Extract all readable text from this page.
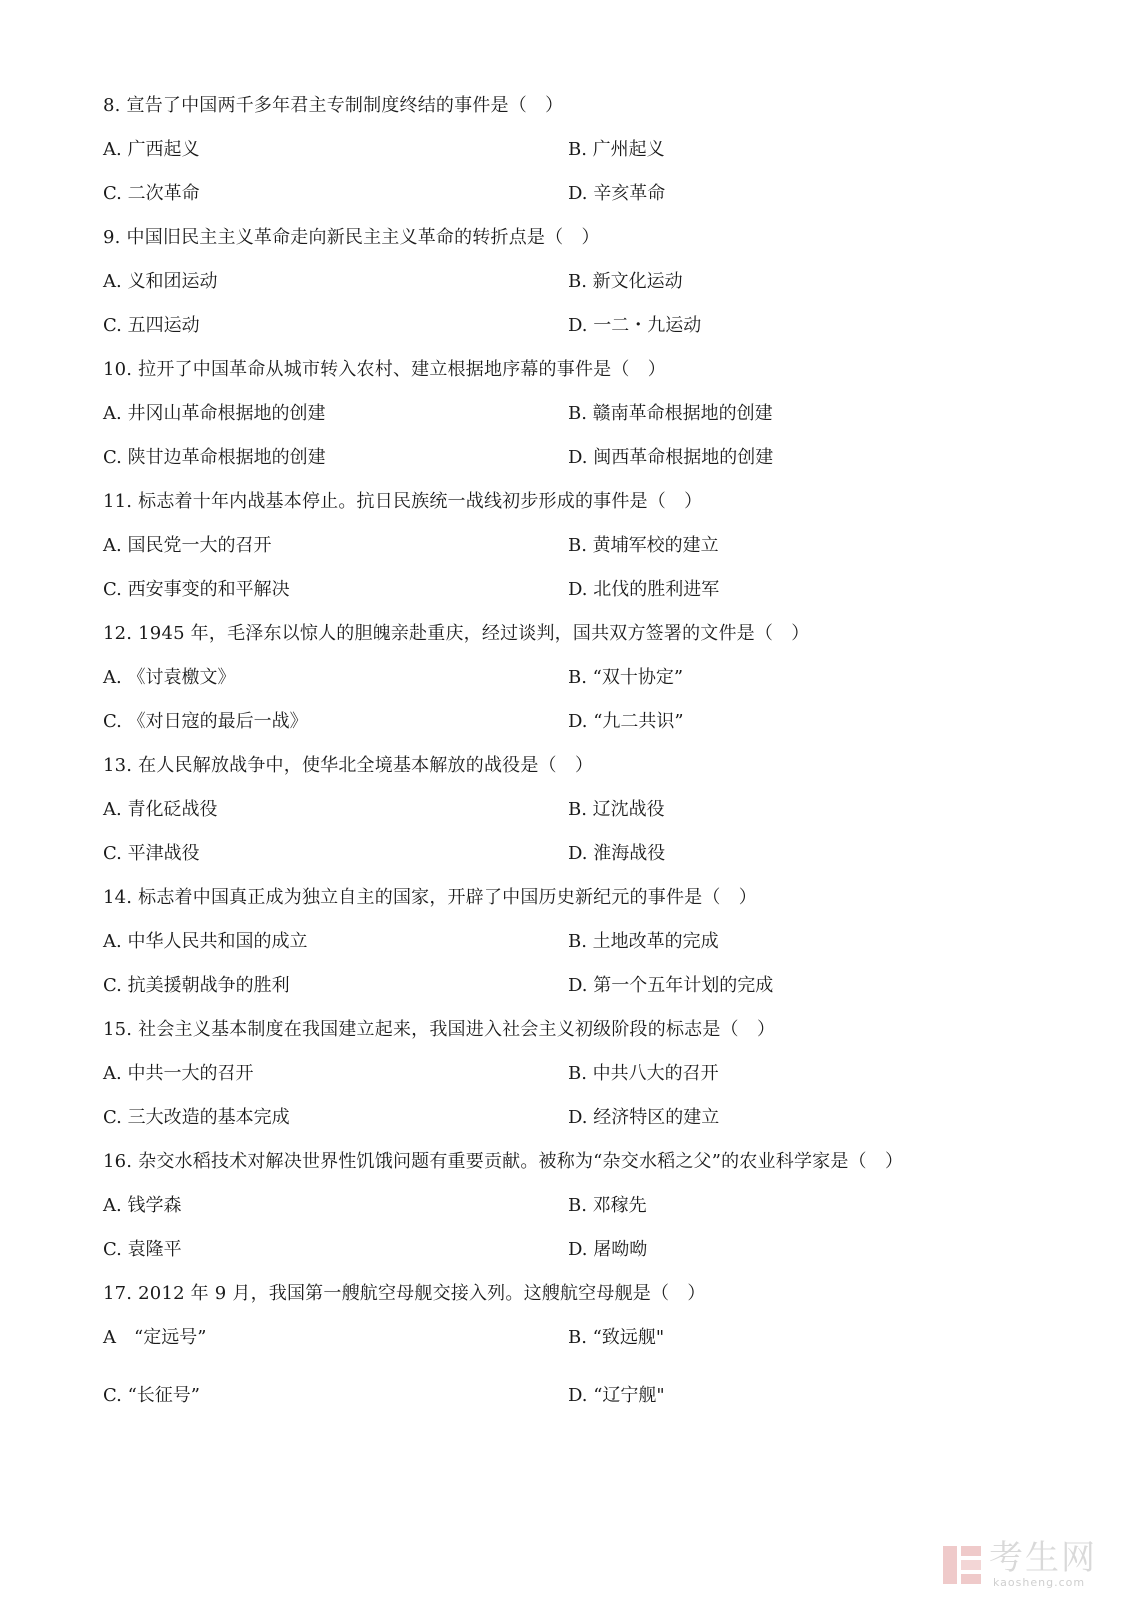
8. 宣告了中国两千多年君主专制制度终结的事件是（　）
A. 广西起义	B. 广州起义
C. 二次革命	D. 辛亥革命
9. 中国旧民主主义革命走向新民主主义革命的转折点是（　）
A. 义和团运动	B. 新文化运动
C. 五四运动	D. 一二・九运动
10. 拉开了中国革命从城市转入农村、建立根据地序幕的事件是（　）
A. 井冈山革命根据地的创建	B. 赣南革命根据地的创建
C. 陕甘边革命根据地的创建	D. 闽西革命根据地的创建
11. 标志着十年内战基本停止。抗日民族统一战线初步形成的事件是（　）
A. 国民党一大的召开	B. 黄埔军校的建立
C. 西安事变的和平解决	D. 北伐的胜利进军
12. 1945 年，毛泽东以惊人的胆魄亲赴重庆，经过谈判，国共双方签署的文件是（　）
A. 《讨袁檄文》	B. “双十协定”
C. 《对日寇的最后一战》	D. “九二共识”
13. 在人民解放战争中，使华北全境基本解放的战役是（　）
A. 青化砭战役	B. 辽沈战役
C. 平津战役	D. 淮海战役
14. 标志着中国真正成为独立自主的国家，开辟了中国历史新纪元的事件是（　）
A. 中华人民共和国的成立	B. 土地改革的完成
C. 抗美援朝战争的胜利	D. 第一个五年计划的完成
15. 社会主义基本制度在我国建立起来，我国进入社会主义初级阶段的标志是（　）
A. 中共一大的召开	B. 中共八大的召开
C. 三大改造的基本完成	D. 经济特区的建立
16. 杂交水稻技术对解决世界性饥饿问题有重要贡献。被称为“杂交水稻之父”的农业科学家是（　）
A. 钱学森	B. 邓稼先
C. 袁隆平	D. 屠呦呦
17. 2012 年 9 月，我国第一艘航空母舰交接入列。这艘航空母舰是（　）
A　“定远号”	B. “致远舰"
C. “长征号”	D. “辽宁舰"
考生网
kaosheng.com
